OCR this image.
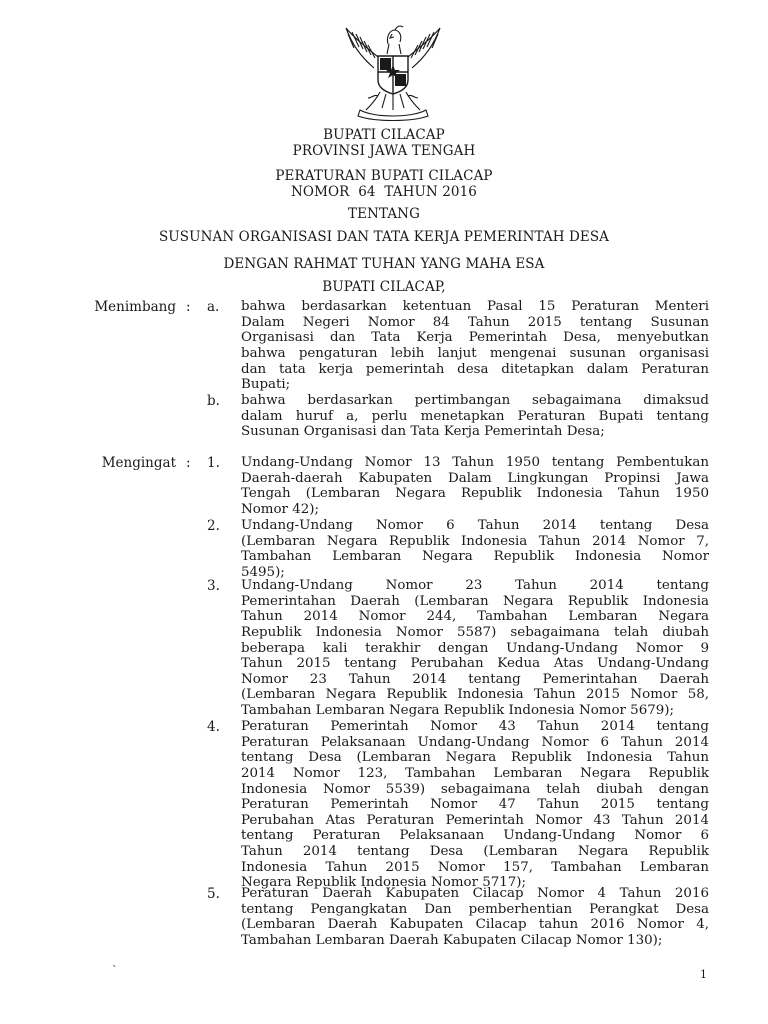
BUPATI CILACAP
PROVINSI JAWA TENGAH
PERATURAN BUPATI CILACAP
NOMOR  64  TAHUN 2016
TENTANG
SUSUNAN ORGANISASI DAN TATA KERJA PEMERINTAH DESA
DENGAN RAHMAT TUHAN YANG MAHA ESA
BUPATI CILACAP,
Menimbang : a. bahwa berdasarkan ketentuan Pasal 15 Peraturan Menteri
Dalam Negeri Nomor 84 Tahun 2015 tentang Susunan
Organisasi dan Tata Kerja Pemerintah Desa, menyebutkan
bahwa pengaturan lebih lanjut mengenai susunan organisasi
dan tata kerja pemerintah desa ditetapkan dalam Peraturan
Bupati;
b. bahwa berdasarkan pertimbangan sebagaimana dimaksud
dalam huruf a, perlu menetapkan Peraturan Bupati tentang
Susunan Organisasi dan Tata Kerja Pemerintah Desa;
Mengingat : 1. Undang-Undang Nomor 13 Tahun 1950 tentang Pembentukan
Daerah-daerah Kabupaten Dalam Lingkungan Propinsi Jawa
Tengah (Lembaran Negara Republik Indonesia Tahun 1950
Nomor 42);
2. Undang-Undang Nomor 6 Tahun 2014 tentang Desa
(Lembaran Negara Republik Indonesia Tahun 2014 Nomor 7,
Tambahan Lembaran Negara Republik Indonesia Nomor
5495);
3. Undang-Undang Nomor 23 Tahun 2014 tentang
Pemerintahan Daerah (Lembaran Negara Republik Indonesia
Tahun 2014 Nomor 244, Tambahan Lembaran Negara
Republik Indonesia Nomor 5587) sebagaimana telah diubah
beberapa kali terakhir dengan Undang-Undang Nomor 9
Tahun 2015 tentang Perubahan Kedua Atas Undang-Undang
Nomor 23 Tahun 2014 tentang Pemerintahan Daerah
(Lembaran Negara Republik Indonesia Tahun 2015 Nomor 58,
Tambahan Lembaran Negara Republik Indonesia Nomor 5679);
4. Peraturan Pemerintah Nomor 43 Tahun 2014 tentang
Peraturan Pelaksanaan Undang-Undang Nomor 6 Tahun 2014
tentang Desa (Lembaran Negara Republik Indonesia Tahun
2014 Nomor 123, Tambahan Lembaran Negara Republik
Indonesia Nomor 5539) sebagaimana telah diubah dengan
Peraturan Pemerintah Nomor 47 Tahun 2015 tentang
Perubahan Atas Peraturan Pemerintah Nomor 43 Tahun 2014
tentang Peraturan Pelaksanaan Undang-Undang Nomor 6
Tahun 2014 tentang Desa (Lembaran Negara Republik
Indonesia Tahun 2015 Nomor 157, Tambahan Lembaran
Negara Republik Indonesia Nomor 5717);
5. Peraturan Daerah Kabupaten Cilacap Nomor 4 Tahun 2016
tentang Pengangkatan Dan pemberhentian Perangkat Desa
(Lembaran Daerah Kabupaten Cilacap tahun 2016 Nomor 4,
Tambahan Lembaran Daerah Kabupaten Cilacap Nomor 130);
`	1
